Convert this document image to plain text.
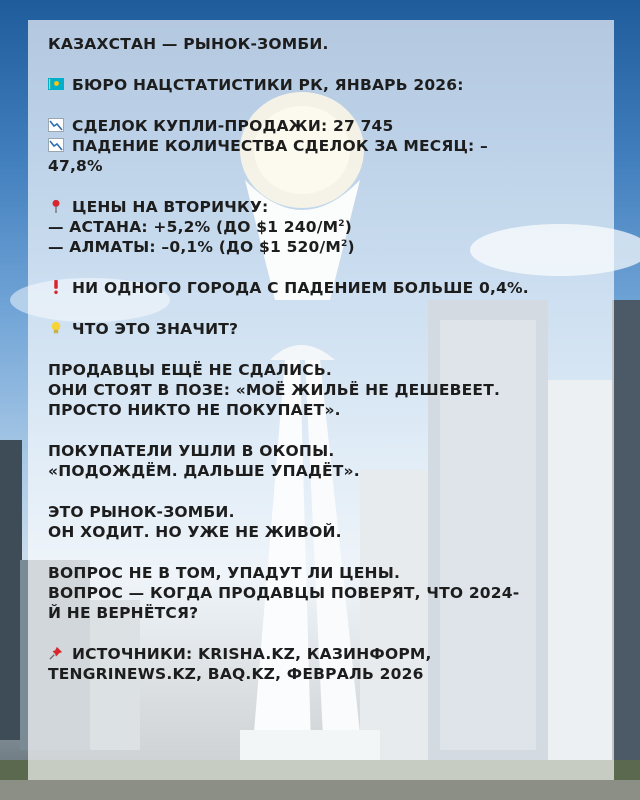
КАЗАХСТАН — РЫНОК-ЗОМБИ.

БЮРО НАЦСТАТИСТИКИ РК, ЯНВАРЬ 2026:

СДЕЛОК КУПЛИ-ПРОДАЖИ: 27 745
ПАДЕНИЕ КОЛИЧЕСТВА СДЕЛОК ЗА МЕСЯЦ: –
47,8%

ЦЕНЫ НА ВТОРИЧКУ:
— АСТАНА: +5,2% (ДО $1 $240/М^2$)
— АЛМАТЫ: –0,1% (ДО $1 $520/М^2$)

НИ ОДНОГО ГОРОДА С ПАДЕНИЕМ БОЛЬШЕ 0,4%.

ЧТО ЭТО ЗНАЧИТ?

ПРОДАВЦЫ ЕЩЁ НЕ СДАЛИСЬ.
ОНИ СТОЯТ В ПОЗЕ: «МОЁ ЖИЛЬЁ НЕ ДЕШЕВЕЕТ.
ПРОСТО НИКТО НЕ ПОКУПАЕТ».

ПОКУПАТЕЛИ УШЛИ В ОКОПЫ.
«ПОДОЖДЁМ. ДАЛЬШЕ УПАДЁТ».

ЭТО РЫНОК-ЗОМБИ.
ОН ХОДИТ. НО УЖЕ НЕ ЖИВОЙ.

ВОПРОС НЕ В ТОМ, УПАДУТ ЛИ ЦЕНЫ.
ВОПРОС — КОГДА ПРОДАВЦЫ ПОВЕРЯТ, ЧТО 2024-
Й НЕ ВЕРНЁТСЯ?

ИСТОЧНИКИ: KRISHA.KZ, КАЗИНФОРМ,
TENGRINEWS.KZ, BAQ.KZ, ФЕВРАЛЬ 2026
